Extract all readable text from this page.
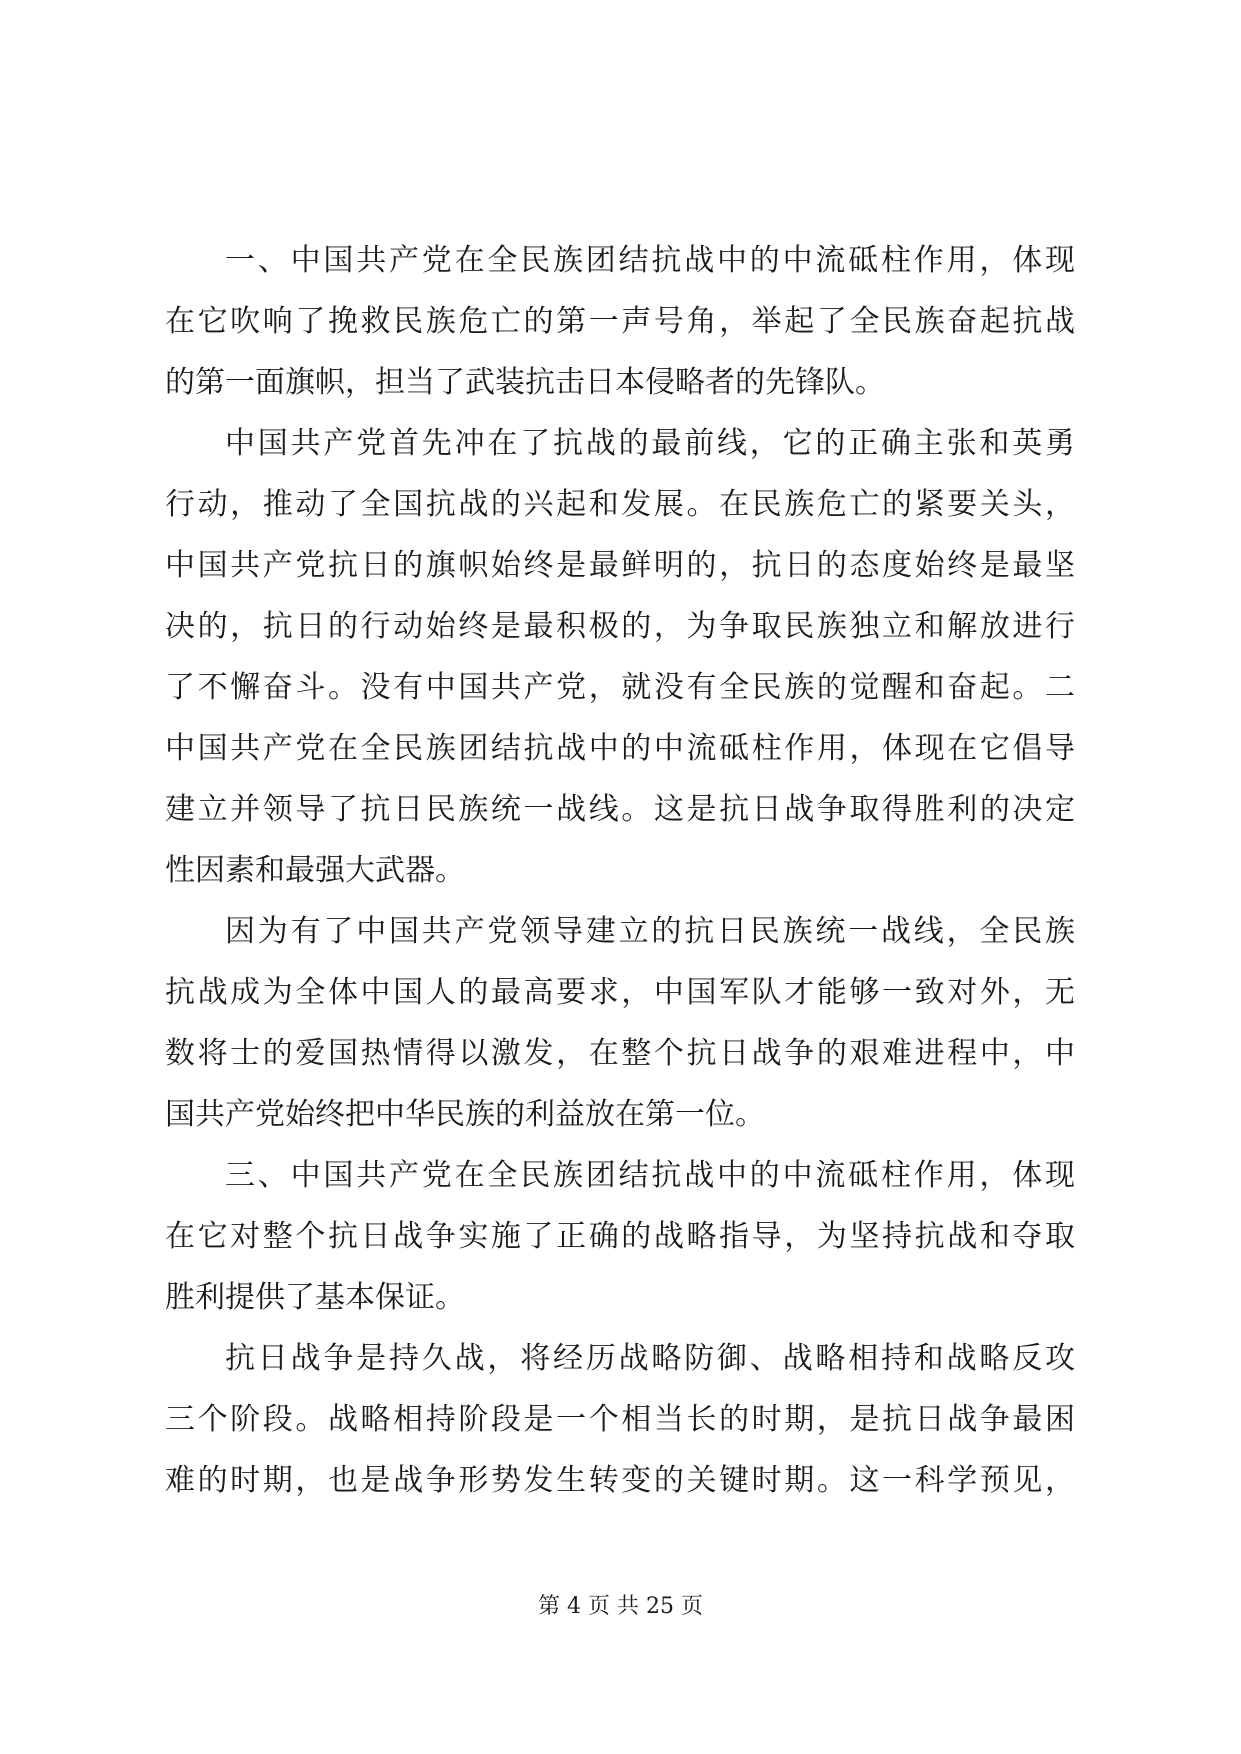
一、中国共产党在全民族团结抗战中的中流砥柱作用，体现
在它吹响了挽救民族危亡的第一声号角，举起了全民族奋起抗战
的第一面旗帜，担当了武装抗击日本侵略者的先锋队。
中国共产党首先冲在了抗战的最前线，它的正确主张和英勇
行动，推动了全国抗战的兴起和发展。在民族危亡的紧要关头，
中国共产党抗日的旗帜始终是最鲜明的，抗日的态度始终是最坚
决的，抗日的行动始终是最积极的，为争取民族独立和解放进行
了不懈奋斗。没有中国共产党，就没有全民族的觉醒和奋起。二
中国共产党在全民族团结抗战中的中流砥柱作用，体现在它倡导
建立并领导了抗日民族统一战线。这是抗日战争取得胜利的决定
性因素和最强大武器。
因为有了中国共产党领导建立的抗日民族统一战线，全民族
抗战成为全体中国人的最高要求，中国军队才能够一致对外，无
数将士的爱国热情得以激发，在整个抗日战争的艰难进程中，中
国共产党始终把中华民族的利益放在第一位。
三、中国共产党在全民族团结抗战中的中流砥柱作用，体现
在它对整个抗日战争实施了正确的战略指导，为坚持抗战和夺取
胜利提供了基本保证。
抗日战争是持久战，将经历战略防御、战略相持和战略反攻
三个阶段。战略相持阶段是一个相当长的时期，是抗日战争最困
难的时期，也是战争形势发生转变的关键时期。这一科学预见，
第 4 页 共 25 页
